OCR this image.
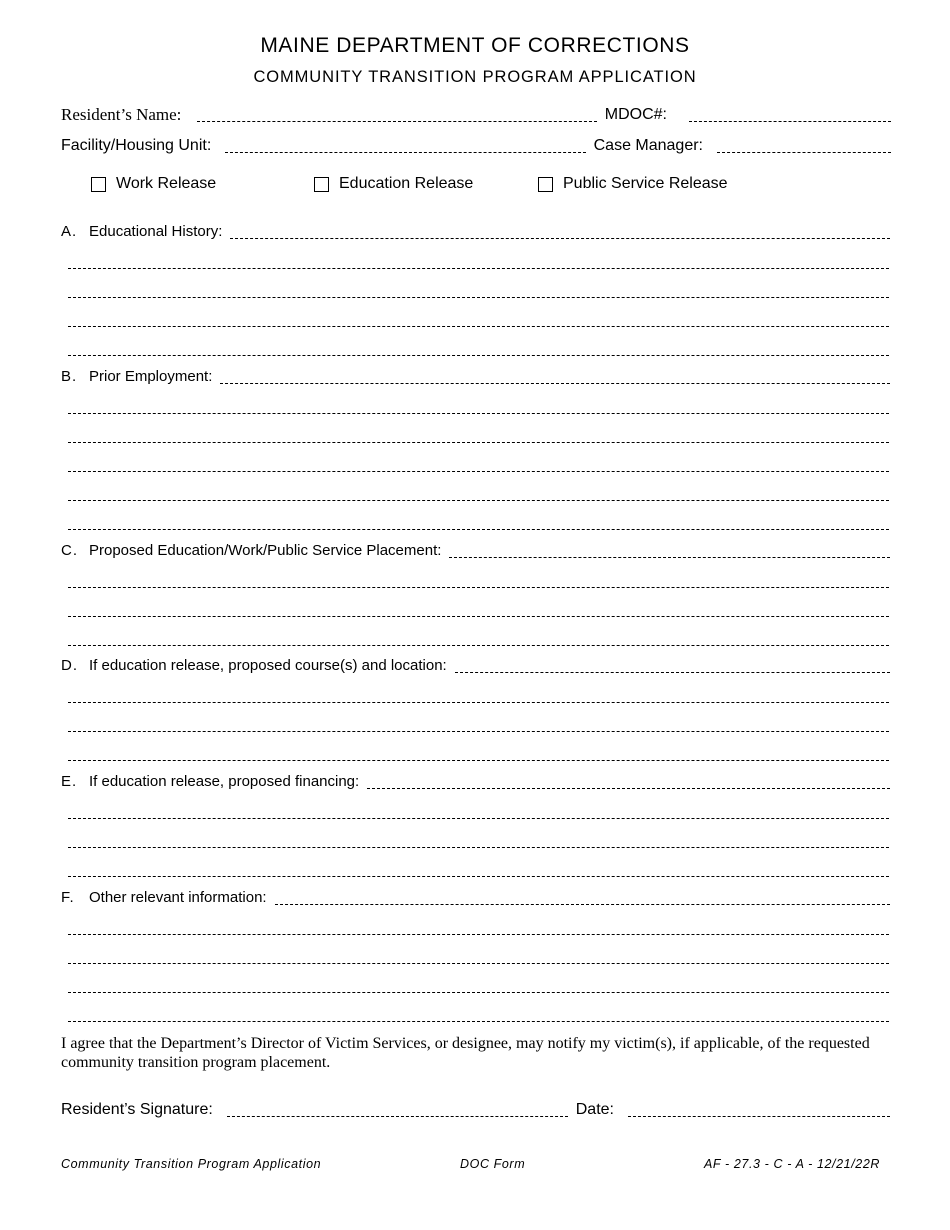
MAINE DEPARTMENT OF CORRECTIONS
COMMUNITY TRANSITION PROGRAM APPLICATION
Resident’s Name:	MDOC#:
Facility/Housing Unit:	Case Manager:
Work Release	Education Release	Public Service Release
A. Educational History:
B. Prior Employment:
C. Proposed Education/Work/Public Service Placement:
D. If education release, proposed course(s) and location:
E. If education release, proposed financing:
F. Other relevant information:
I agree that the Department’s Director of Victim Services, or designee, may notify my victim(s), if applicable, of the requested community transition program placement.
Resident’s Signature:	Date:
Community Transition Program Application	DOC Form	AF - 27.3 - C - A - 12/21/22R
